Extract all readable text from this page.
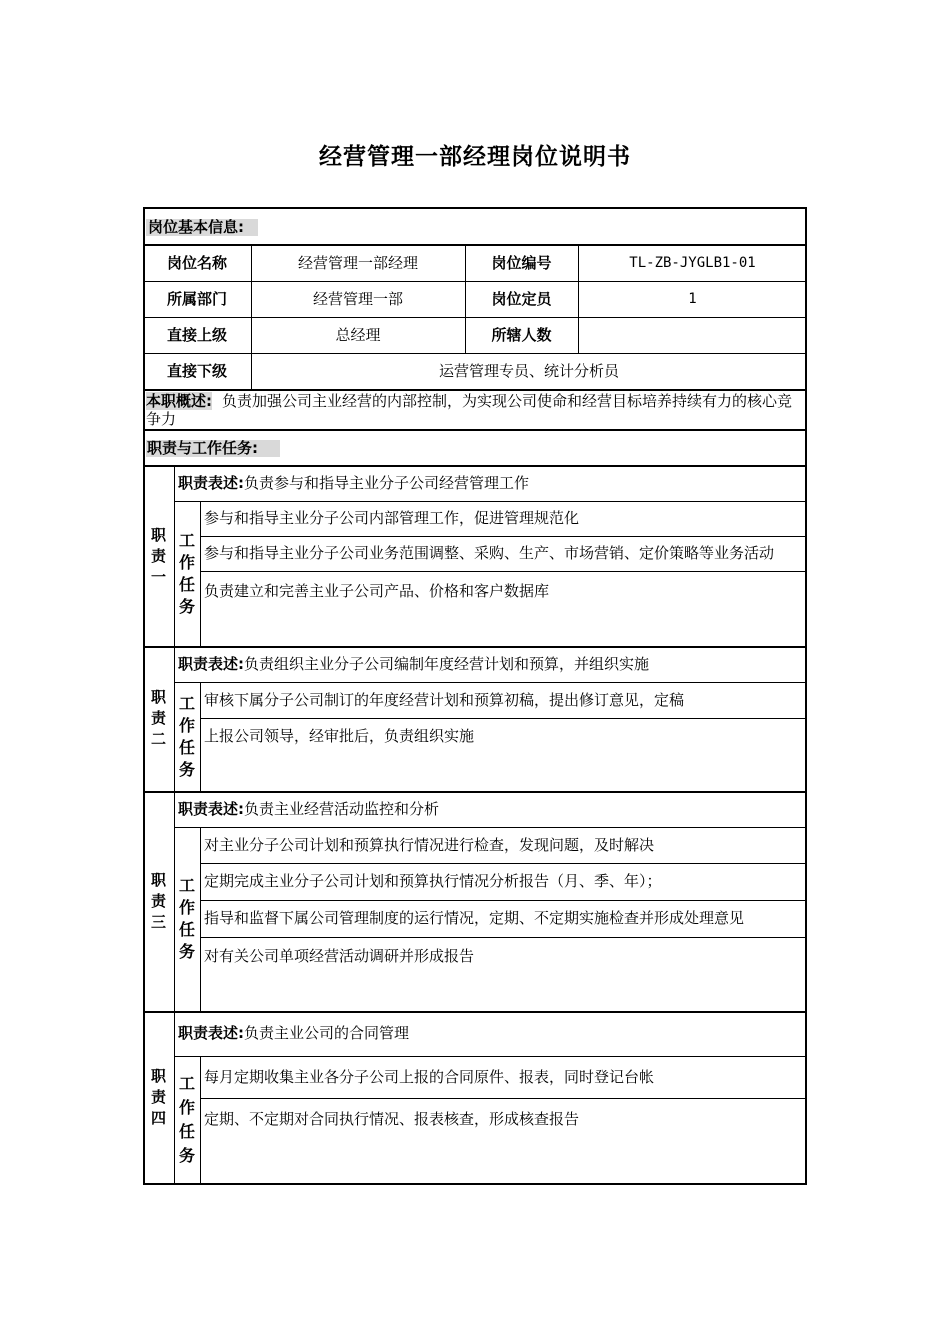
经营管理一部经理岗位说明书
岗位基本信息:
岗位名称	经营管理一部经理	岗位编号	TL-ZB-JYGLB1-01
所属部门	经营管理一部	岗位定员	1
直接上级	总经理	所辖人数
直接下级	运营管理专员、统计分析员
本职概述: 负责加强公司主业经营的内部控制，为实现公司使命和经营目标培养持续有力的核心竞争力
职责与工作任务:
职
责
一
职责表述: 负责参与和指导主业分子公司经营管理工作
工
作
任
务
参与和指导主业分子公司内部管理工作，促进管理规范化
参与和指导主业分子公司业务范围调整、采购、生产、市场营销、定价策略等业务活动
负责建立和完善主业子公司产品、价格和客户数据库
职
责
二
职责表述: 负责组织主业分子公司编制年度经营计划和预算，并组织实施
工
作
任
务
审核下属分子公司制订的年度经营计划和预算初稿，提出修订意见，定稿
上报公司领导，经审批后，负责组织实施
职
责
三
职责表述: 负责主业经营活动监控和分析
工
作
任
务
对主业分子公司计划和预算执行情况进行检查，发现问题，及时解决
定期完成主业分子公司计划和预算执行情况分析报告（月、季、年）；
指导和监督下属公司管理制度的运行情况，定期、不定期实施检查并形成处理意见
对有关公司单项经营活动调研并形成报告
职
责
四
职责表述: 负责主业公司的合同管理
工
作
任
务
每月定期收集主业各分子公司上报的合同原件、报表，同时登记台帐
定期、不定期对合同执行情况、报表核查，形成核查报告
